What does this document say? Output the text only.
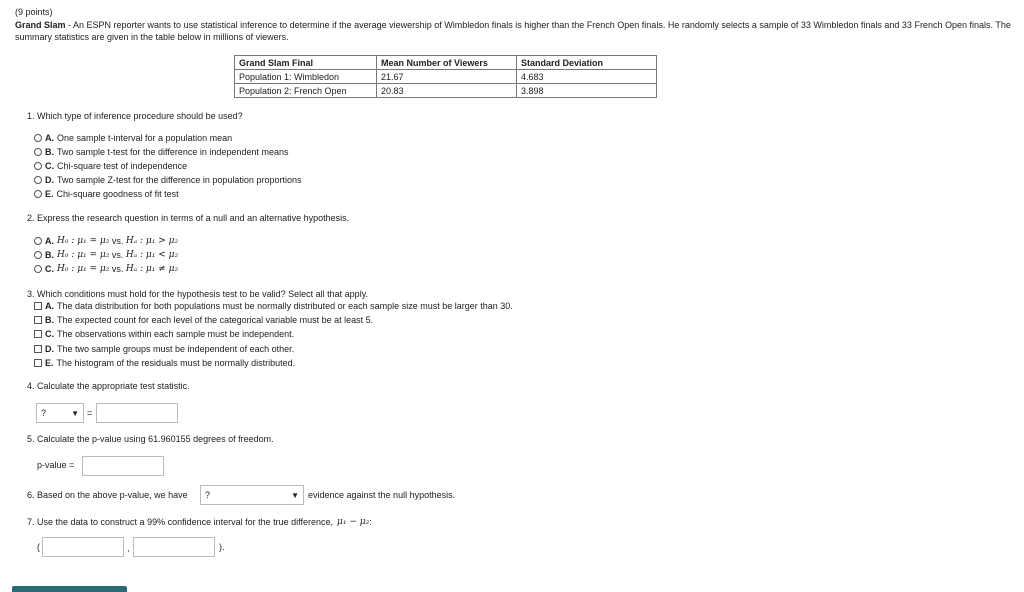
(9 points)
Grand Slam - An ESPN reporter wants to use statistical inference to determine if the average viewership of Wimbledon finals is higher than the French Open finals. He randomly selects a sample of 33 Wimbledon finals and 33 French Open finals. The summary statistics are given in the table below in millions of viewers.
Grand Slam Final	Mean Number of Viewers	Standard Deviation
Population 1: Wimbledon	21.67	4.683
Population 2: French Open	20.83	3.898
1. Which type of inference procedure should be used?
A. One sample t-interval for a population mean
B. Two sample t-test for the difference in independent means
C. Chi-square test of independence
D. Two sample Z-test for the difference in population proportions
E. Chi-square goodness of fit test
2. Express the research question in terms of a null and an alternative hypothesis.
A. H₀ : μ₁ = μ₂ vs. Hₐ : μ₁ > μ₂
B. H₀ : μ₁ = μ₂ vs. Hₐ : μ₁ < μ₂
C. H₀ : μ₁ = μ₂ vs. Hₐ : μ₁ ≠ μ₂
3. Which conditions must hold for the hypothesis test to be valid? Select all that apply.
A. The data distribution for both populations must be normally distributed or each sample size must be larger than 30.
B. The expected count for each level of the categorical variable must be at least 5.
C. The observations within each sample must be independent.
D. The two sample groups must be independent of each other.
E. The histogram of the residuals must be normally distributed.
4. Calculate the appropriate test statistic.
?	▼ =
5. Calculate the p-value using 61.960155 degrees of freedom.
p-value =
6. Based on the above p-value, we have ?	▼ evidence against the null hypothesis.
7. Use the data to construct a 99% confidence interval for the true difference, μ₁ − μ₂ :
(	,	).
